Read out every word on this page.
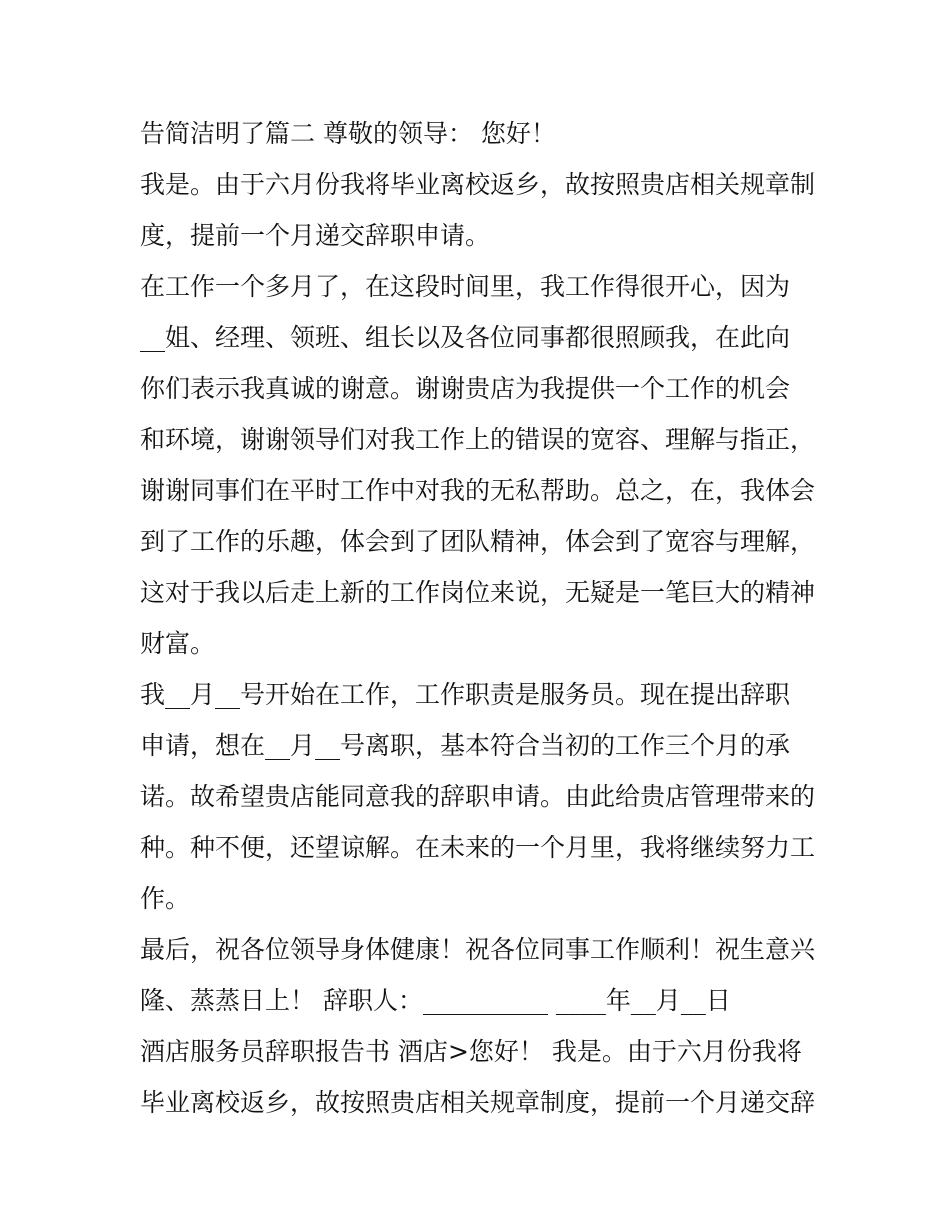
告简洁明了篇二 尊敬的领导： 您好！
我是。由于六月份我将毕业离校返乡，故按照贵店相关规章制
度，提前一个月递交辞职申请。
在工作一个多月了，在这段时间里，我工作得很开心，因为
__姐、经理、领班、组长以及各位同事都很照顾我，在此向
你们表示我真诚的谢意。谢谢贵店为我提供一个工作的机会
和环境，谢谢领导们对我工作上的错误的宽容、理解与指正，
谢谢同事们在平时工作中对我的无私帮助。总之，在，我体会
到了工作的乐趣，体会到了团队精神，体会到了宽容与理解，
这对于我以后走上新的工作岗位来说，无疑是一笔巨大的精神
财富。
我__月__号开始在工作，工作职责是服务员。现在提出辞职
申请，想在__月__号离职，基本符合当初的工作三个月的承
诺。故希望贵店能同意我的辞职申请。由此给贵店管理带来的
种。种不便，还望谅解。在未来的一个月里，我将继续努力工
作。
最后，祝各位领导身体健康！祝各位同事工作顺利！祝生意兴
隆、蒸蒸日上！ 辞职人：__________ ____年__月__日
酒店服务员辞职报告书 酒店>您好！ 我是。由于六月份我将
毕业离校返乡，故按照贵店相关规章制度，提前一个月递交辞
